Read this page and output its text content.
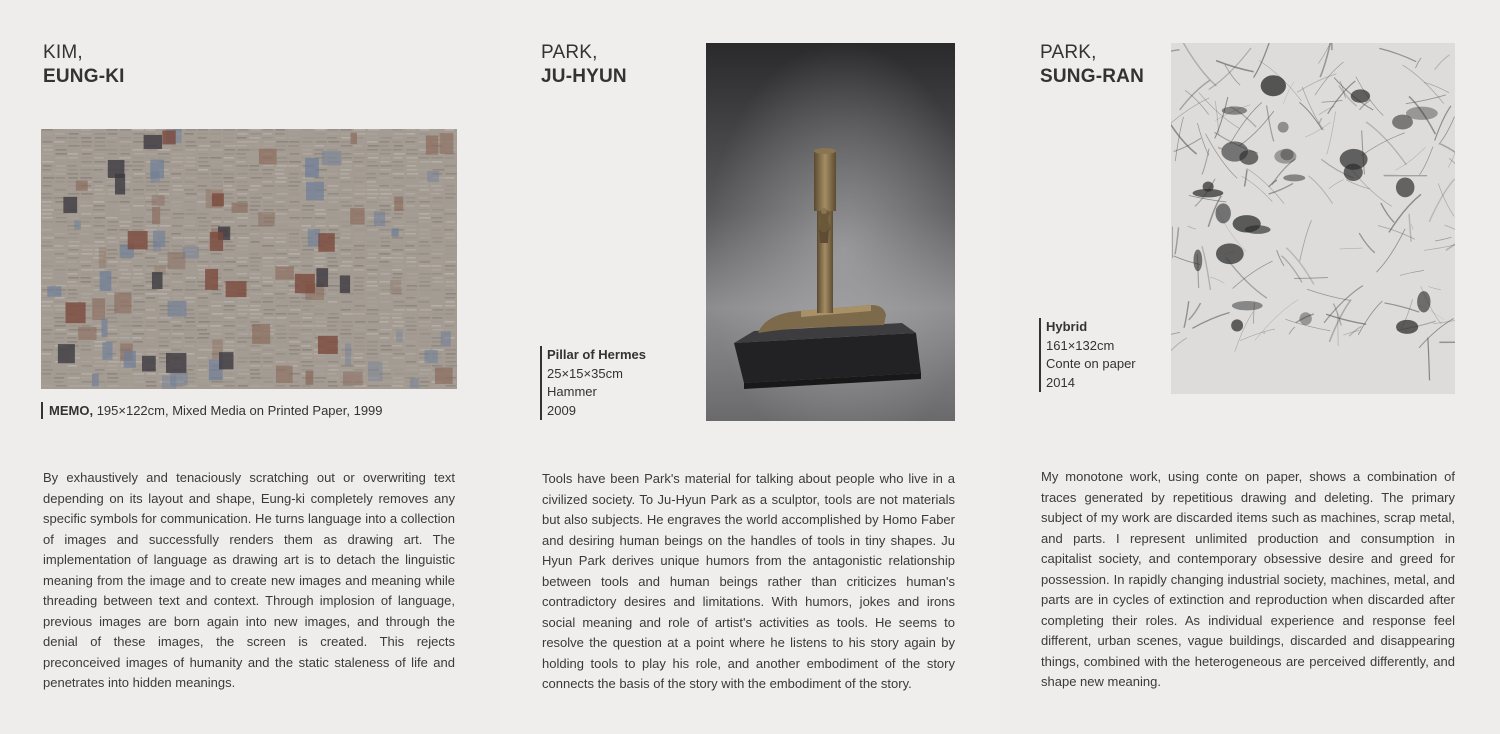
KIM,
EUNG-KI
MEMO, 195×122cm, Mixed Media on Printed Paper, 1999

By exhaustively and tenaciously scratching out or overwriting text depending on its layout and shape, Eung-ki completely removes any specific symbols for communication. He turns language into a collection of images and successfully renders them as drawing art. The implementation of language as drawing art is to detach the linguistic meaning from the image and to create new images and meaning while threading between text and context. Through implosion of language, previous images are born again into new images, and through the denial of these images, the screen is created. This rejects preconceived images of humanity and the static staleness of life and penetrates into hidden meanings.

PARK,
JU-HYUN
Pillar of Hermes
25×15×35cm
Hammer
2009

Tools have been Park's material for talking about people who live in a civilized society. To Ju-Hyun Park as a sculptor, tools are not materials but also subjects. He engraves the world accomplished by Homo Faber and desiring human beings on the handles of tools in tiny shapes. Ju Hyun Park derives unique humors from the antagonistic relationship between tools and human beings rather than criticizes human's contradictory desires and limitations. With humors, jokes and irons social meaning and role of artist's activities as tools. He seems to resolve the question at a point where he listens to his story again by holding tools to play his role, and another embodiment of the story connects the basis of the story with the embodiment of the story.

PARK,
SUNG-RAN
Hybrid
161×132cm
Conte on paper
2014

My monotone work, using conte on paper, shows a combination of traces generated by repetitious drawing and deleting. The primary subject of my work are discarded items such as machines, scrap metal, and parts. I represent unlimited production and consumption in capitalist society, and contemporary obsessive desire and greed for possession. In rapidly changing industrial society, machines, metal, and parts are in cycles of extinction and reproduction when discarded after completing their roles. As individual experience and response feel different, urban scenes, vague buildings, discarded and disappearing things, combined with the heterogeneous are perceived differently, and shape new meaning.
